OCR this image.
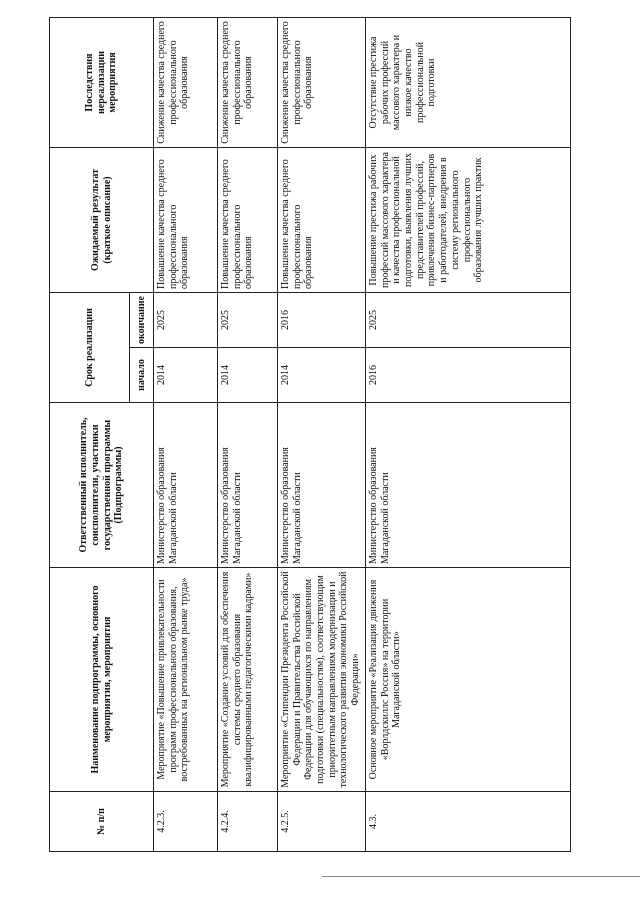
№ п/п	Наименование подпрограммы, основного мероприятия, мероприятия	Ответственный исполнитель, соисполнители, участники государственной программы (Подпрограммы)	Срок реализации		Ожидаемый результат (краткое описание)	Последствия нереализации мероприятия
			начало	окончание		
4.2.3.	Мероприятие «Повышение привлекательности программ профессионального образования, востребованных на региональном рынке труда»	Министерство образования Магаданской области	2014	2025	Повышение качества среднего профессионального образования	Снижение качества среднего профессионального образования
4.2.4.	Мероприятие «Создание условий для обеспечения системы среднего образования квалифицированными педагогическими кадрами»	Министерство образования Магаданской области	2014	2025	Повышение качества среднего профессионального образования	Снижение качества среднего профессионального образования
4.2.5.	Мероприятие «Стипендии Президента Российской Федерации и Правительства Российской Федерации для обучающихся по направлениям подготовки (специальностям), соответствующим приоритетным направлениям модернизации и технологического развития экономики Российской Федерации»	Министерство образования Магаданской области	2014	2016	Повышение качества среднего профессионального образования	Снижение качества среднего профессионального образования
4.3.	Основное мероприятие «Реализация движения «Ворлдскиллс Россия» на территории Магаданской области»	Министерство образования Магаданской области	2016	2025	Повышение престижа рабочих профессий массового характера и качества профессиональной подготовки, выявления лучших представителей профессий, привлечения бизнес-партнеров и работодателей, внедрения в систему регионального профессионального образования лучших практик	Отсутствие престижа рабочих профессий массового характера и низкое качество профессиональной подготовки
